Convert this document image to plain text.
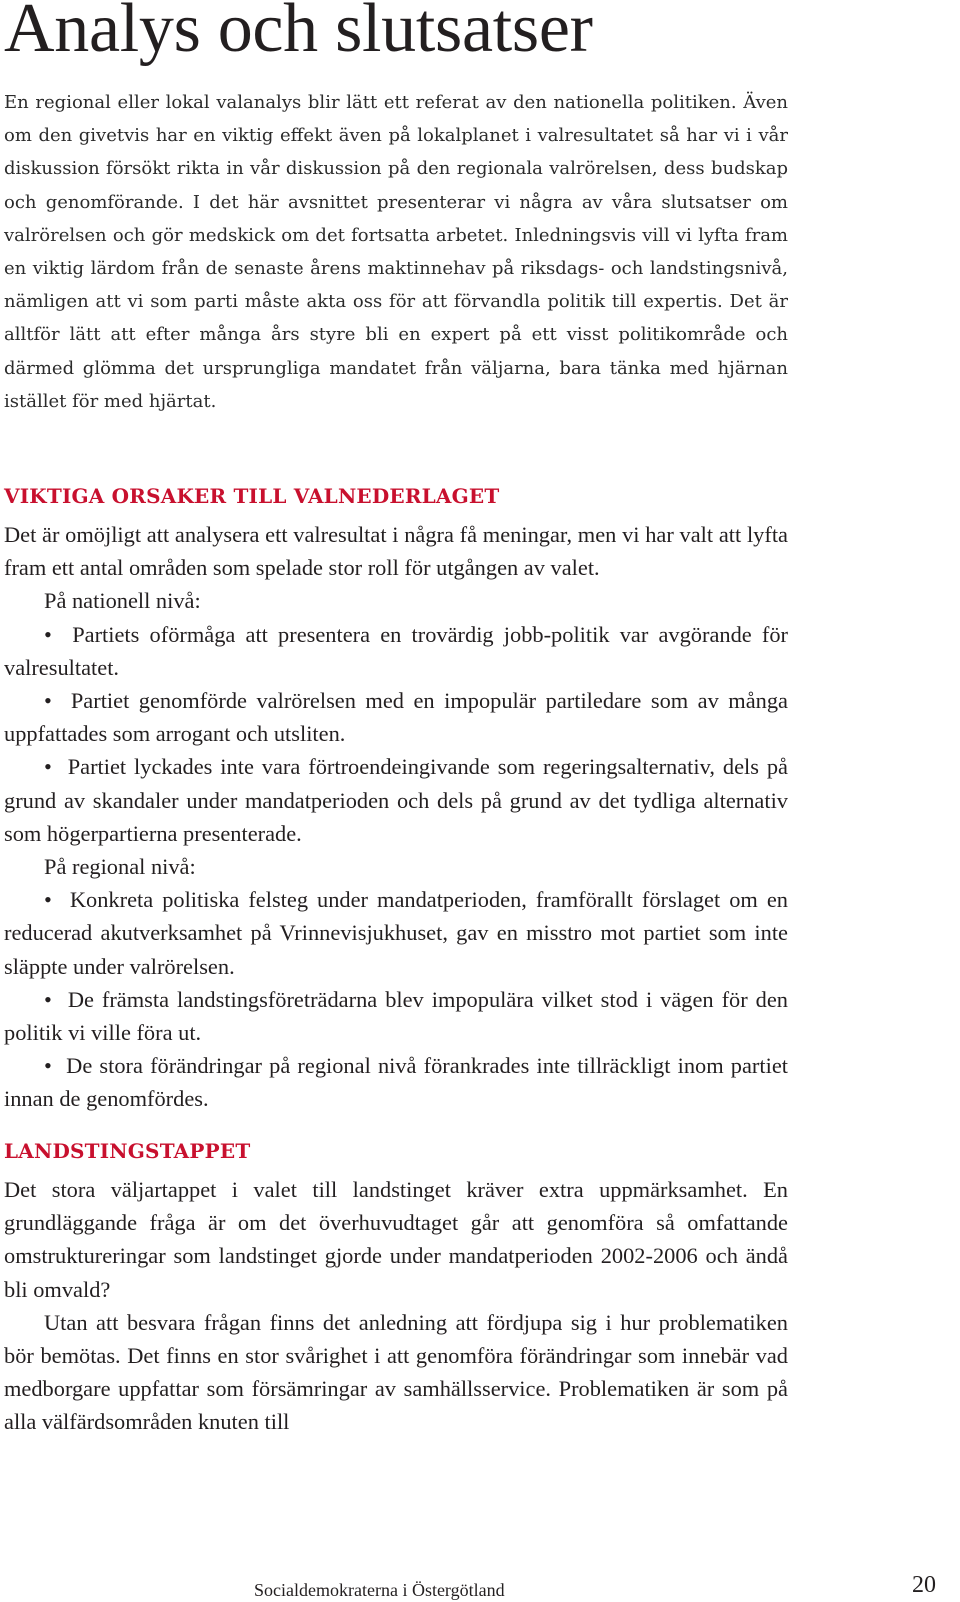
Analys och slutsatser

En regional eller lokal valanalys blir lätt ett referat av den nationella politiken. Även om den givetvis har en viktig effekt även på lokalplanet i valresultatet så har vi i vår diskussion försökt rikta in vår diskussion på den regionala valrörelsen, dess budskap och genomförande. I det här avsnittet presenterar vi några av våra slutsatser om valrörelsen och gör medskick om det fortsatta arbetet. Inledningsvis vill vi lyfta fram en viktig lärdom från de senaste årens maktinnehav på riksdags- och landstingsnivå, nämligen att vi som parti måste akta oss för att förvandla politik till expertis. Det är alltför lätt att efter många års styre bli en expert på ett visst politikområde och därmed glömma det ursprungliga mandatet från väljarna, bara tänka med hjärnan istället för med hjärtat.

VIKTIGA ORSAKER TILL VALNEDERLAGET

Det är omöjligt att analysera ett valresultat i några få meningar, men vi har valt att lyfta fram ett antal områden som spelade stor roll för utgången av valet.

På nationell nivå:

•  Partiets oförmåga att presentera en trovärdig jobb-politik var avgörande för valresultatet.

•  Partiet genomförde valrörelsen med en impopulär partiledare som av många uppfattades som arrogant och utsliten.

•  Partiet lyckades inte vara förtroendeingivande som regeringsalternativ, dels på grund av skandaler under mandatperioden och dels på grund av det tydliga alternativ som högerpartierna presenterade.

På regional nivå:

•  Konkreta politiska felsteg under mandatperioden, framförallt förslaget om en reducerad akutverksamhet på Vrinnevisjukhuset, gav en misstro mot partiet som inte släppte under valrörelsen.

•  De främsta landstingsföreträdarna blev impopulära vilket stod i vägen för den politik vi ville föra ut.

•  De stora förändringar på regional nivå förankrades inte tillräckligt inom partiet innan de genomfördes.

LANDSTINGSTAPPET

Det stora väljartappet i valet till landstinget kräver extra uppmärksamhet. En grundläggande fråga är om det överhuvudtaget går att genomföra så omfattande omstruktureringar som landstinget gjorde under mandatperioden 2002-2006 och ändå bli omvald?

Utan att besvara frågan finns det anledning att fördjupa sig i hur problematiken bör bemötas. Det finns en stor svårighet i att genomföra förändringar som innebär vad medborgare uppfattar som försämringar av samhällsservice. Problematiken är som på alla välfärdsområden knuten till

Socialdemokraterna i Östergötland	20
